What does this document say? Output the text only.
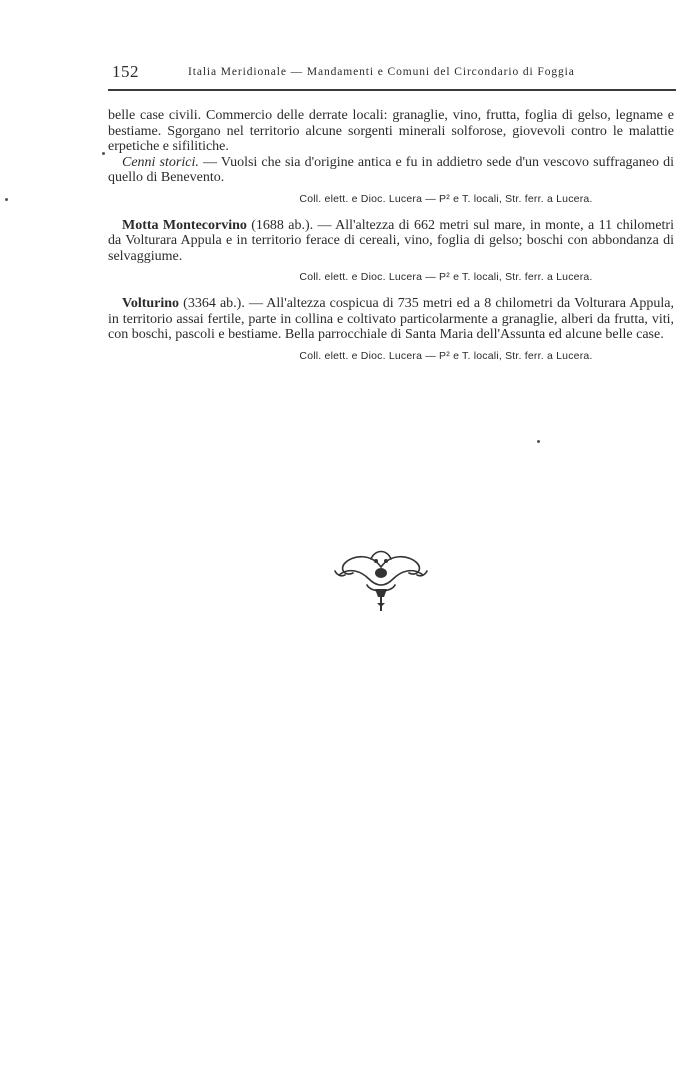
152	Italia Meridionale — Mandamenti e Comuni del Circondario di Foggia

belle case civili. Commercio delle derrate locali: granaglie, vino, frutta, foglia di gelso, legname e bestiame. Sgorgano nel territorio alcune sorgenti minerali solforose, giovevoli contro le malattie erpetiche e sifilitiche.

Cenni storici. — Vuolsi che sia d'origine antica e fu in addietro sede d'un vescovo suffraganeo di quello di Benevento.

Coll. elett. e Dioc. Lucera — P² e T. locali, Str. ferr. a Lucera.

Motta Montecorvino (1688 ab.). — All'altezza di 662 metri sul mare, in monte, a 11 chilometri da Volturara Appula e in territorio ferace di cereali, vino, foglia di gelso; boschi con abbondanza di selvaggiume.

Coll. elett. e Dioc. Lucera — P² e T. locali, Str. ferr. a Lucera.

Volturino (3364 ab.). — All'altezza cospicua di 735 metri ed a 8 chilometri da Volturara Appula, in territorio assai fertile, parte in collina e coltivato particolarmente a granaglie, alberi da frutta, viti, con boschi, pascoli e bestiame. Bella parrocchiale di Santa Maria dell'Assunta ed alcune belle case.

Coll. elett. e Dioc. Lucera — P² e T. locali, Str. ferr. a Lucera.
